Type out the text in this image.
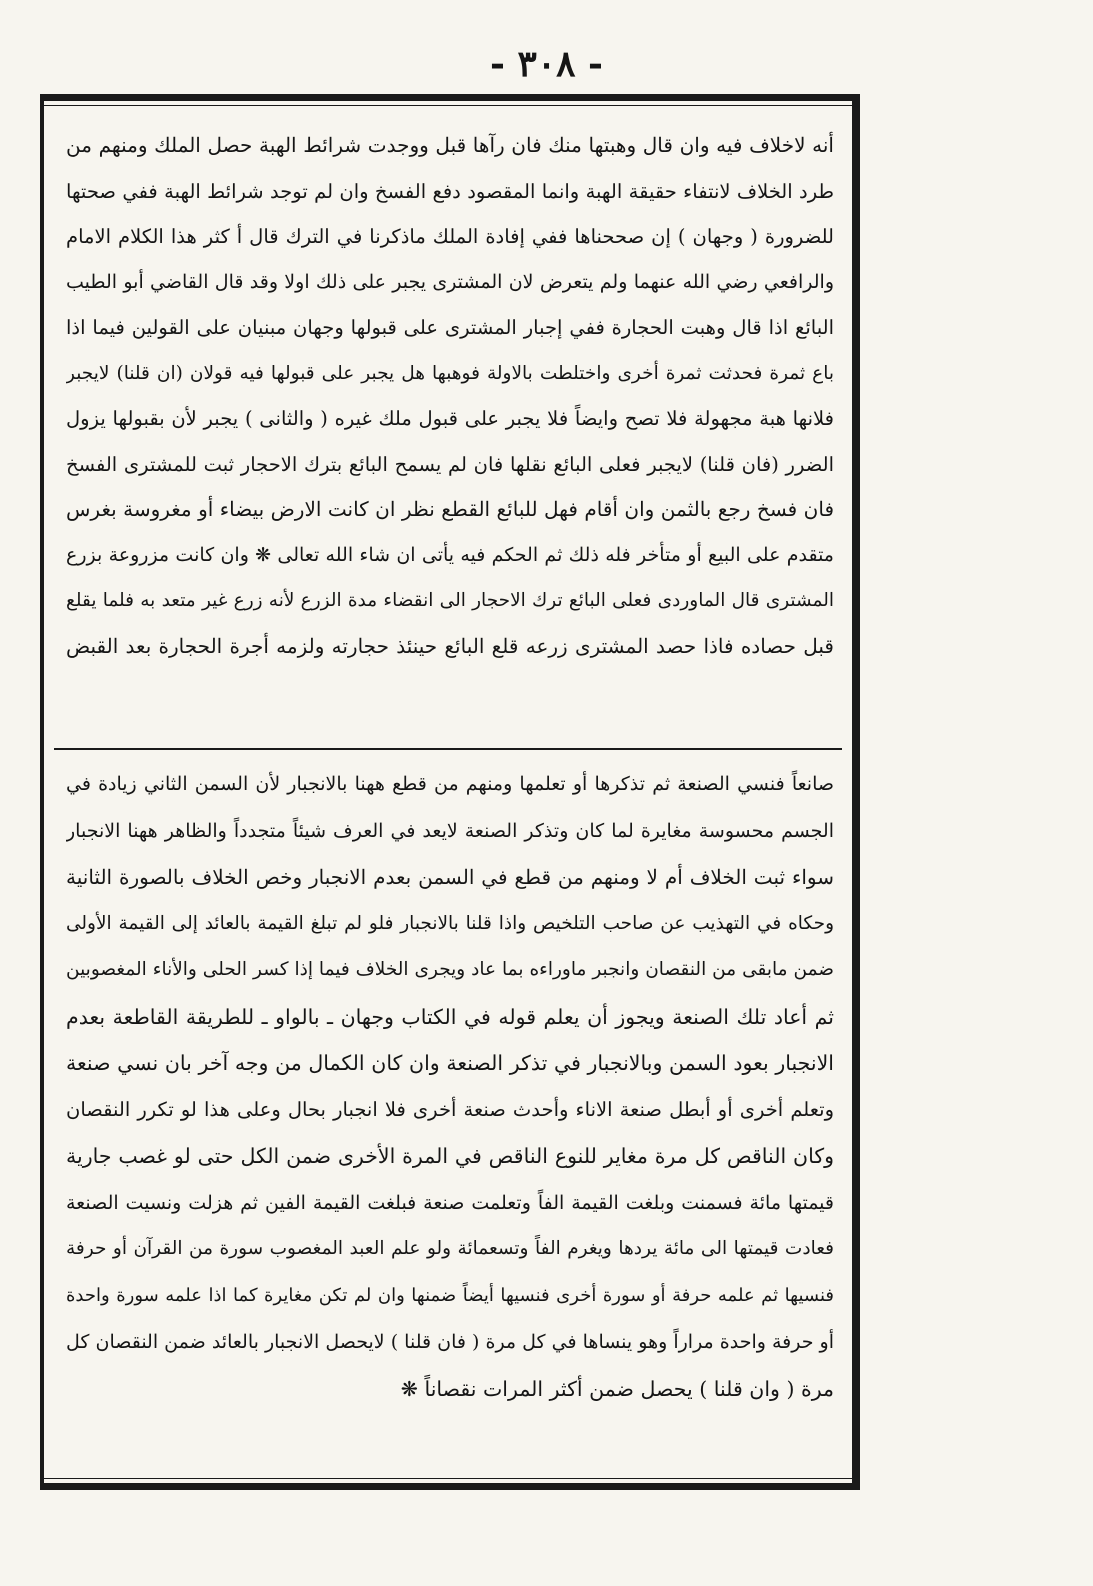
- ٣٠٨ -
أنه لاخلاف فيه وان قال وهبتها منك فان رآها قبل ووجدت شرائط الهبة حصل الملك ومنهم من
طرد الخلاف لانتفاء حقيقة الهبة وانما المقصود دفع الفسخ وان لم توجد شرائط الهبة ففي صحتها
للضرورة ( وجهان ) إن صححناها ففي إفادة الملك ماذكرنا في الترك قال أ كثر هذا الكلام الامام
والرافعي رضي الله عنهما ولم يتعرض لان المشترى يجبر على ذلك اولا وقد قال القاضي أبو الطيب
البائع اذا قال وهبت الحجارة ففي إجبار المشترى على قبولها وجهان مبنيان على القولين فيما اذا
باع ثمرة فحدثت ثمرة أخرى واختلطت بالاولة فوهبها هل يجبر على قبولها فيه قولان (ان قلنا) لايجبر
فلانها هبة مجهولة فلا تصح وايضاً فلا يجبر على قبول ملك غيره ( والثانى ) يجبر لأن بقبولها يزول
الضرر (فان قلنا) لايجبر فعلى البائع نقلها فان لم يسمح البائع بترك الاحجار ثبت للمشترى الفسخ
فان فسخ رجع بالثمن وان أقام فهل للبائع القطع نظر ان كانت الارض بيضاء أو مغروسة بغرس
متقدم على البيع أو متأخر فله ذلك ثم الحكم فيه يأتى ان شاء الله تعالى ❋ وان كانت مزروعة بزرع
المشترى قال الماوردى فعلى البائع ترك الاحجار الى انقضاء مدة الزرع لأنه زرع غير متعد به فلما يقلع
قبل حصاده فاذا حصد المشترى زرعه قلع البائع حينئذ حجارته ولزمه أجرة الحجارة بعد القبض
صانعاً فنسي الصنعة ثم تذكرها أو تعلمها ومنهم من قطع ههنا بالانجبار لأن السمن الثاني زيادة في
الجسم محسوسة مغايرة لما كان وتذكر الصنعة لايعد في العرف شيئاً متجدداً والظاهر ههنا الانجبار
سواء ثبت الخلاف أم لا ومنهم من قطع في السمن بعدم الانجبار وخص الخلاف بالصورة الثانية
وحكاه في التهذيب عن صاحب التلخيص واذا قلنا بالانجبار فلو لم تبلغ القيمة بالعائد إلى القيمة الأولى
ضمن مابقى من النقصان وانجبر ماوراءه بما عاد ويجرى الخلاف فيما إذا كسر الحلى والأناء المغصوبين
ثم أعاد تلك الصنعة ويجوز أن يعلم قوله في الكتاب وجهان ـ بالواو ـ للطريقة القاطعة بعدم
الانجبار بعود السمن وبالانجبار في تذكر الصنعة وان كان الكمال من وجه آخر بان نسي صنعة
وتعلم أخرى أو أبطل صنعة الاناء وأحدث صنعة أخرى فلا انجبار بحال وعلى هذا لو تكرر النقصان
وكان الناقص كل مرة مغاير للنوع الناقص في المرة الأخرى ضمن الكل حتى لو غصب جارية
قيمتها مائة فسمنت وبلغت القيمة الفاً وتعلمت صنعة فبلغت القيمة الفين ثم هزلت ونسيت الصنعة
فعادت قيمتها الى مائة يردها ويغرم الفاً وتسعمائة ولو علم العبد المغصوب سورة من القرآن أو حرفة
فنسيها ثم علمه حرفة أو سورة أخرى فنسيها أيضاً ضمنها وان لم تكن مغايرة كما اذا علمه سورة واحدة
أو حرفة واحدة مراراً وهو ينساها في كل مرة ( فان قلنا ) لايحصل الانجبار بالعائد ضمن النقصان كل
مرة ( وان قلنا ) يحصل ضمن أكثر المرات نقصاناً ❋
